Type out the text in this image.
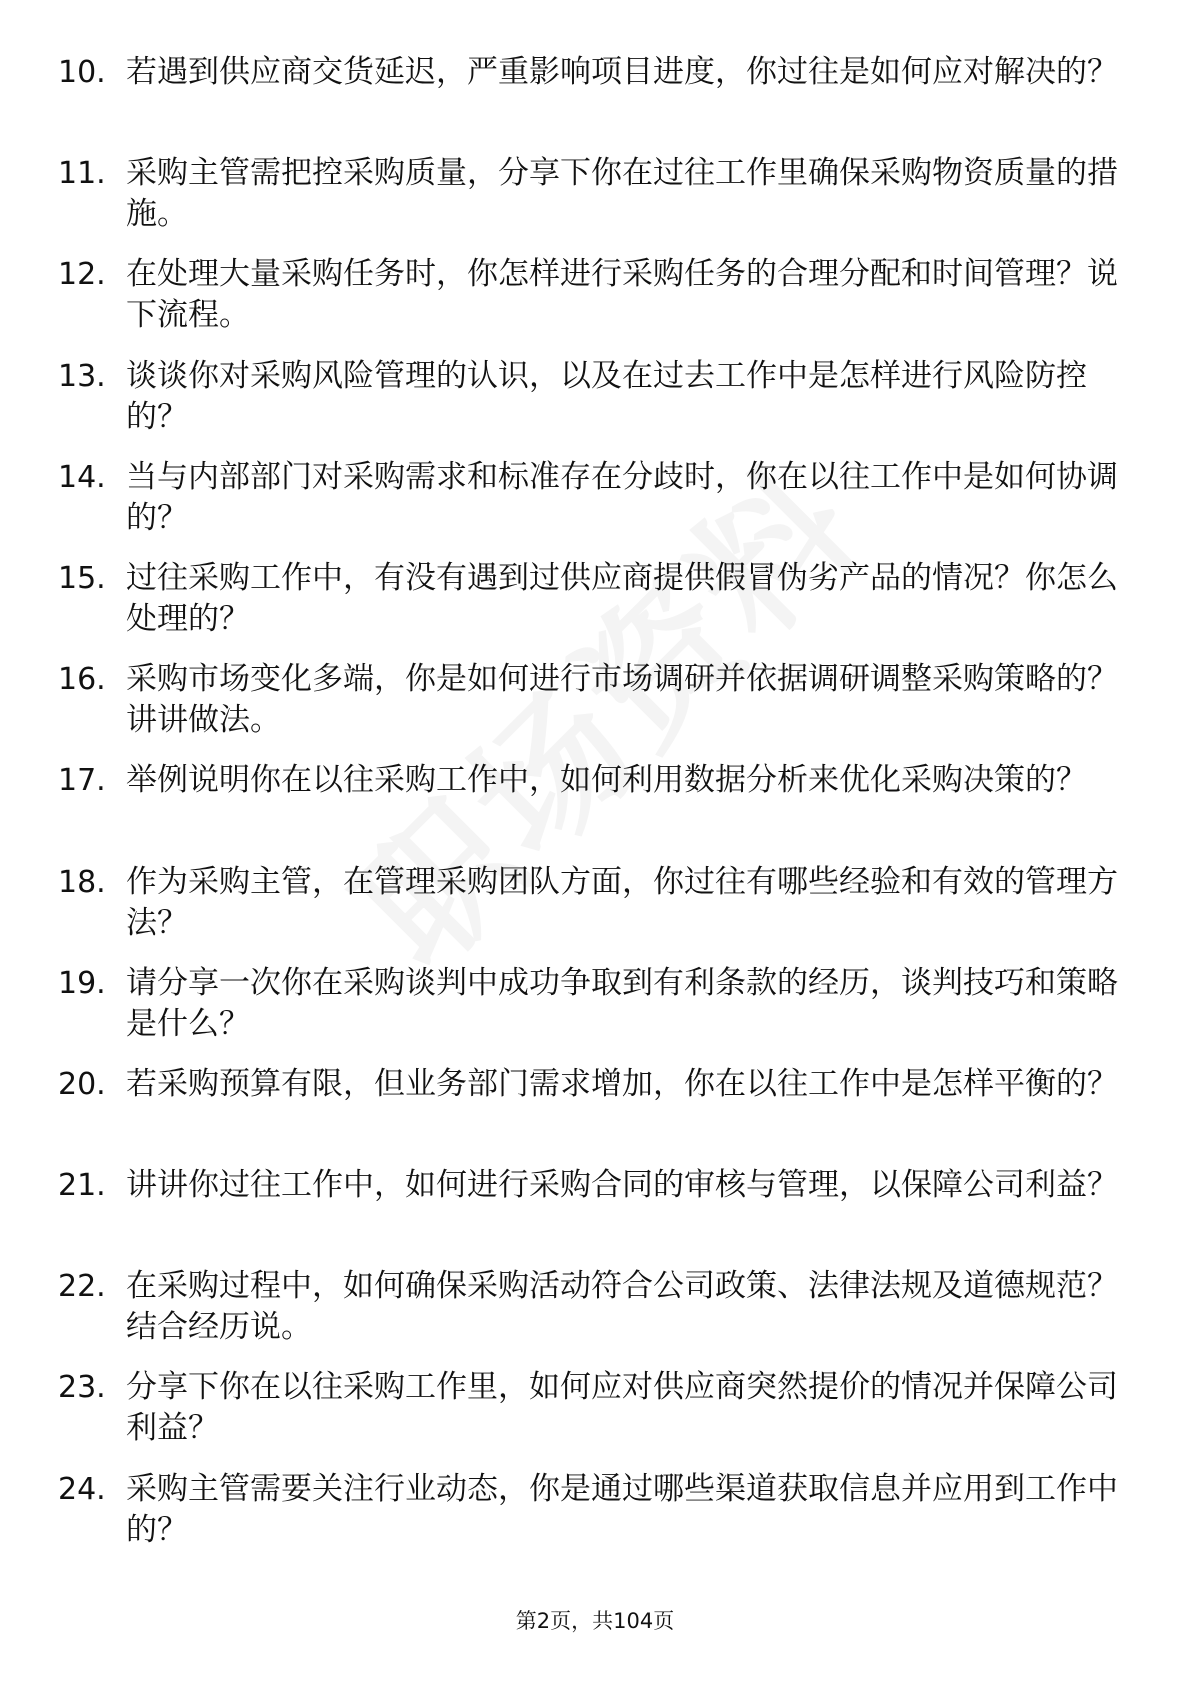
10. 若遇到供应商交货延迟，严重影响项目进度，你过往是如何应对解决的？
11. 采购主管需把控采购质量，分享下你在过往工作里确保采购物资质量的措施。
12. 在处理大量采购任务时，你怎样进行采购任务的合理分配和时间管理？说下流程。
13. 谈谈你对采购风险管理的认识，以及在过去工作中是怎样进行风险防控的？
14. 当与内部部门对采购需求和标准存在分歧时，你在以往工作中是如何协调的？
15. 过往采购工作中，有没有遇到过供应商提供假冒伪劣产品的情况？你怎么处理的？
16. 采购市场变化多端，你是如何进行市场调研并依据调研调整采购策略的？讲讲做法。
17. 举例说明你在以往采购工作中，如何利用数据分析来优化采购决策的？
18. 作为采购主管，在管理采购团队方面，你过往有哪些经验和有效的管理方法？
19. 请分享一次你在采购谈判中成功争取到有利条款的经历，谈判技巧和策略是什么？
20. 若采购预算有限，但业务部门需求增加，你在以往工作中是怎样平衡的？
21. 讲讲你过往工作中，如何进行采购合同的审核与管理，以保障公司利益？
22. 在采购过程中，如何确保采购活动符合公司政策、法律法规及道德规范？结合经历说。
23. 分享下你在以往采购工作里，如何应对供应商突然提价的情况并保障公司利益？
24. 采购主管需要关注行业动态，你是通过哪些渠道获取信息并应用到工作中的？
第2页，共104页
